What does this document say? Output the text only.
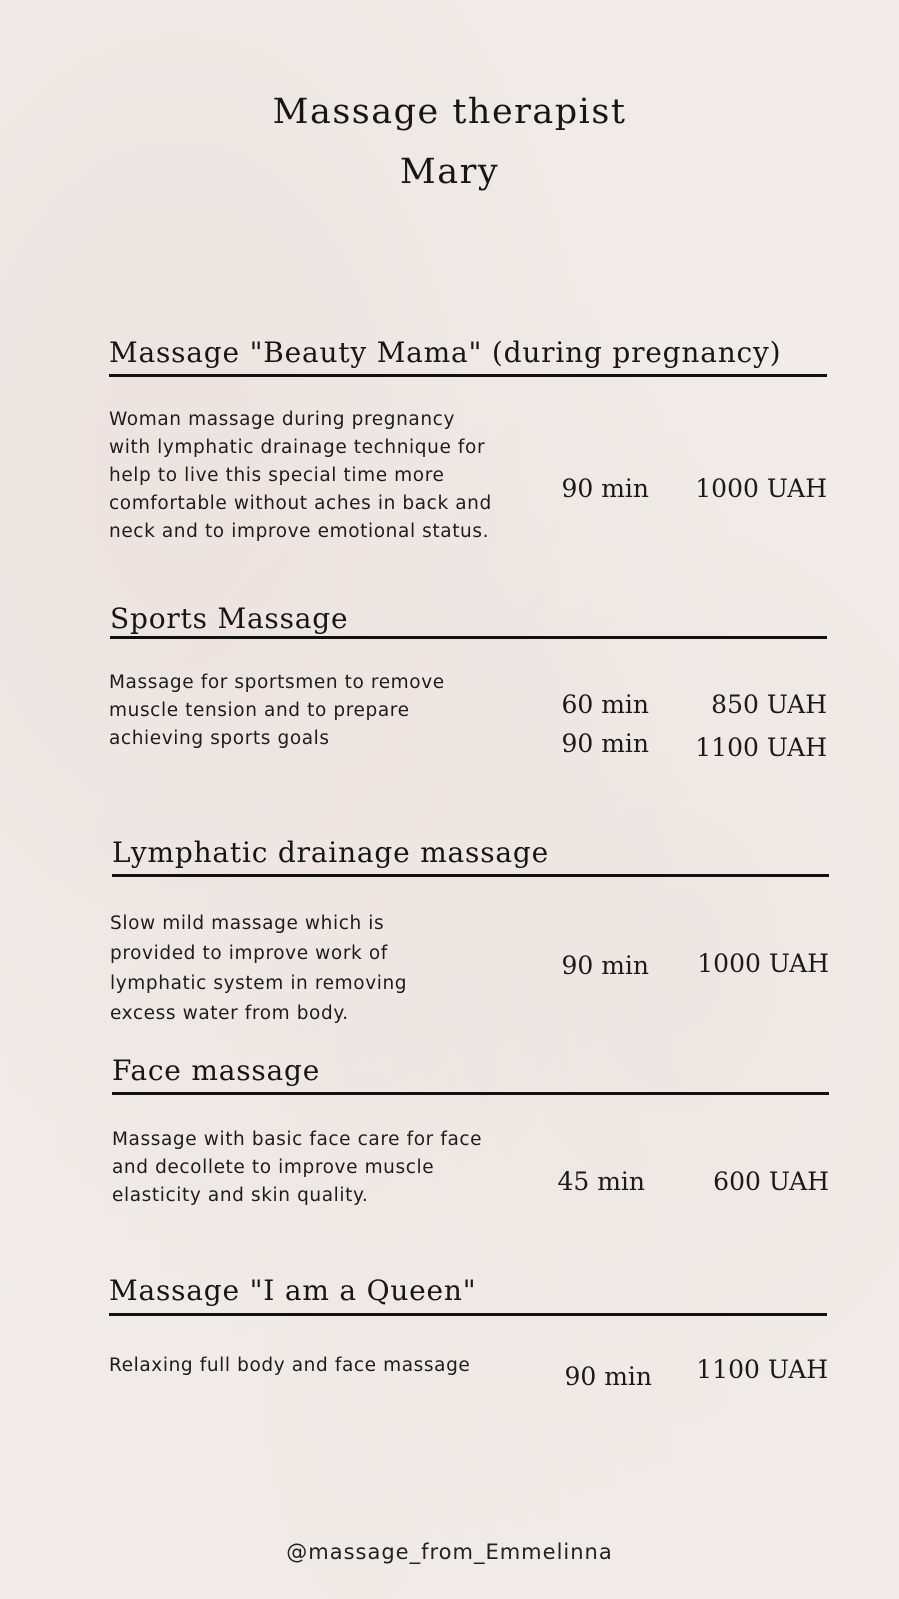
Massage therapist
Mary
Massage "Beauty Mama" (during pregnancy)
Woman massage during pregnancy
with lymphatic drainage technique for
help to live this special time more
comfortable without aches in back and
neck and to improve emotional status.
90 min	1000 UAH
Sports Massage
Massage for sportsmen to remove
muscle tension and to prepare
achieving sports goals
60 min	850 UAH
90 min	1100 UAH
Lymphatic drainage massage
Slow mild massage which is
provided to improve work of
lymphatic system in removing
excess water from body.
90 min	1000 UAH
Face massage
Massage with basic face care for face
and decollete to improve muscle
elasticity and skin quality.	45 min	600 UAH
Massage "I am a Queen"
Relaxing full body and face massage	90 min	1100 UAH
@massage_from_Emmelinna
